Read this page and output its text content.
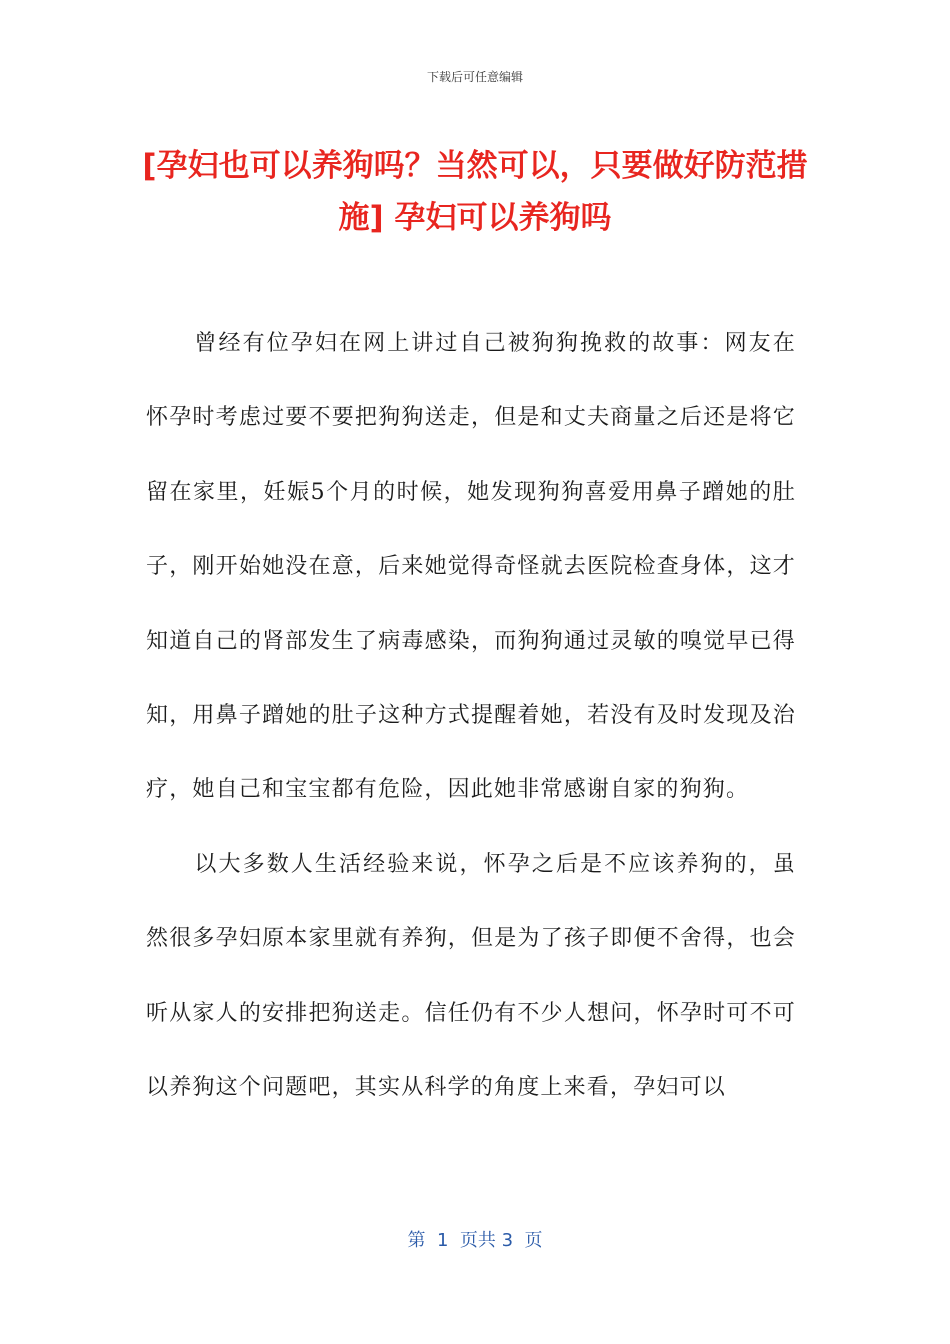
下载后可任意编辑
[孕妇也可以养狗吗？当然可以，只要做好防范措施] 孕妇可以养狗吗

曾经有位孕妇在网上讲过自己被狗狗挽救的故事：网友在怀孕时考虑过要不要把狗狗送走，但是和丈夫商量之后还是将它留在家里，妊娠5个月的时候，她发现狗狗喜爱用鼻子蹭她的肚子，刚开始她没在意，后来她觉得奇怪就去医院检查身体，这才知道自己的肾部发生了病毒感染，而狗狗通过灵敏的嗅觉早已得知，用鼻子蹭她的肚子这种方式提醒着她，若没有及时发现及治疗，她自己和宝宝都有危险，因此她非常感谢自家的狗狗。

以大多数人生活经验来说，怀孕之后是不应该养狗的，虽然很多孕妇原本家里就有养狗，但是为了孩子即便不舍得，也会听从家人的安排把狗送走。信任仍有不少人想问，怀孕时可不可以养狗这个问题吧，其实从科学的角度上来看，孕妇可以

第  1  页共 3  页
